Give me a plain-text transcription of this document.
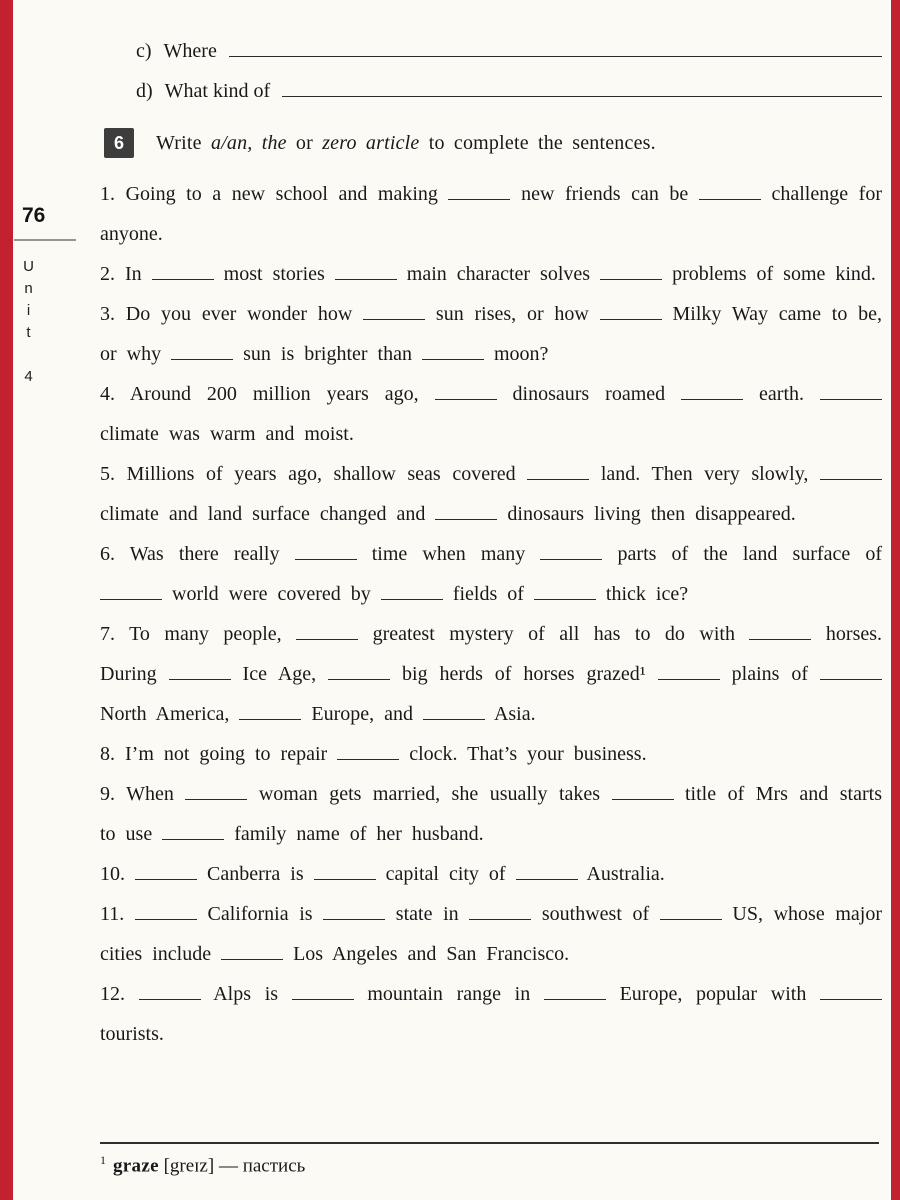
76
Unit 4
c) Where
d) What kind of
6	Write a/an, the or zero article to complete the sentences.

1. Going to a new school and making	new friends can be	challenge for anyone.

2. In	most stories	main character solves	problems of some kind.

3. Do you ever wonder how	sun rises, or how	Milky Way came to be, or why	sun is brighter than	moon?

4. Around 200 million years ago,	dinosaurs roamed	earth.  climate was warm and moist.

5. Millions of years ago, shallow seas covered	land. Then very slowly,  climate and land surface changed and	dinosaurs living then disappeared.

6. Was there really	time when many	parts of the land surface of  world were covered by	fields of	thick ice?

7. To many people,	greatest mystery of all has to do with	horses. During	Ice Age,	big herds of horses grazed¹	plains of  North America,	Europe, and	Asia.

8. I’m not going to repair	clock. That’s your business.

9. When	woman gets married, she usually takes	title of Mrs and starts to use	family name of her husband.

10.	Canberra is	capital city of	Australia.

11.	California is	state in	southwest of	US, whose major cities include	Los Angeles and San Francisco.

12.	Alps is	mountain range in	Europe, popular with  tourists.

$^1$ graze [greɪz] — пастись
